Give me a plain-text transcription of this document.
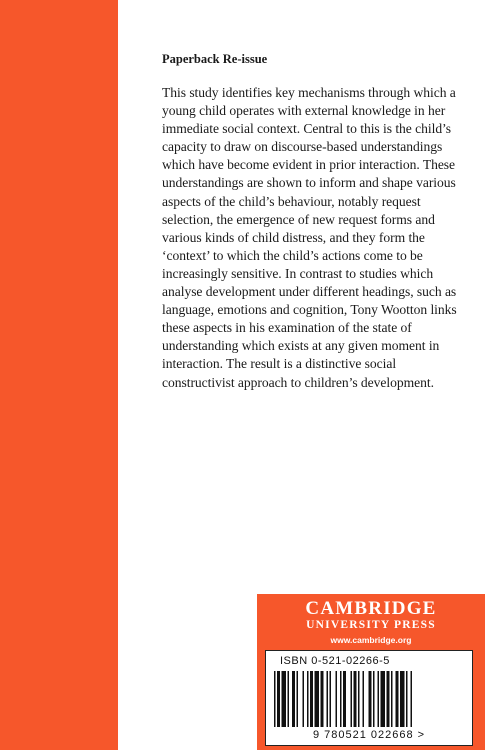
Paperback Re-issue

This study identifies key mechanisms through which a young child operates with external knowledge in her immediate social context. Central to this is the child’s capacity to draw on discourse-based understandings which have become evident in prior interaction. These understandings are shown to inform and shape various aspects of the child’s behaviour, notably request selection, the emergence of new request forms and various kinds of child distress, and they form the ‘context’ to which the child’s actions come to be increasingly sensitive. In contrast to studies which analyse development under different headings, such as language, emotions and cognition, Tony Wootton links these aspects in his examination of the state of understanding which exists at any given moment in interaction. The result is a distinctive social constructivist approach to children’s development.

CAMBRIDGE
UNIVERSITY PRESS
www.cambridge.org
ISBN 0-521-02266-5
9 780521 022668 >
